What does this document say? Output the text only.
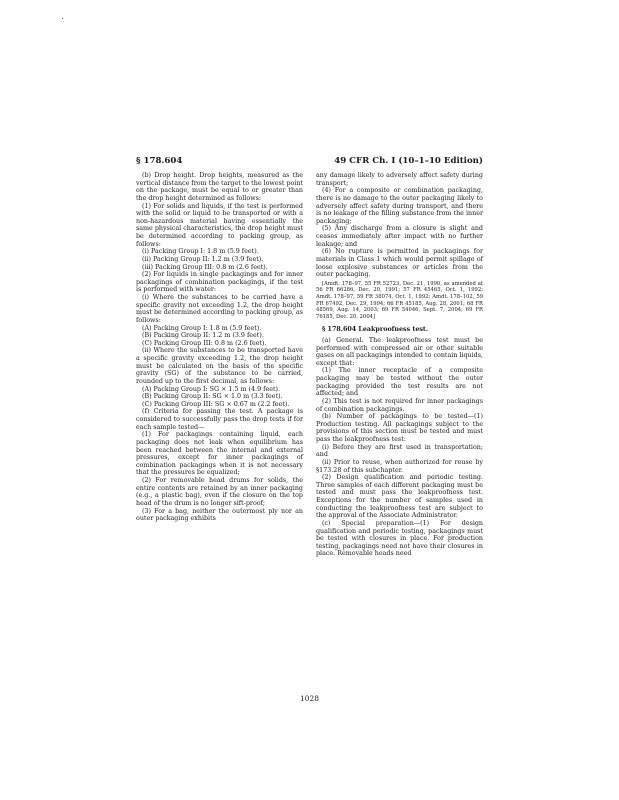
§ 178.604	49 CFR Ch. I (10–1–10 Edition)

(b) Drop height. Drop heights, measured as the vertical distance from the target to the lowest point on the package, must be equal to or greater than the drop height determined as follows:

(1) For solids and liquids, if the test is performed with the solid or liquid to be transported or with a non-hazardous material having essentially the same physical characteristics, the drop height must be determined according to packing group, as follows:

(i) Packing Group I: 1.8 m (5.9 feet).

(ii) Packing Group II: 1.2 m (3.9 feet).

(iii) Packing Group III: 0.8 m (2.6 feet).

(2) For liquids in single packagings and for inner packagings of combination packagings, if the test is performed with water:

(i) Where the substances to be carried have a specific gravity not exceeding 1.2, the drop height must be determined according to packing group, as follows:

(A) Packing Group I: 1.8 m (5.9 feet).

(B) Packing Group II: 1.2 m (3.9 feet).

(C) Packing Group III: 0.8 m (2.6 feet).

(ii) Where the substances to be transported have a specific gravity exceeding 1.2, the drop height must be calculated on the basis of the specific gravity (SG) of the substance to be carried, rounded up to the first decimal, as follows:

(A) Packing Group I: SG × 1.5 m (4.9 feet).

(B) Packing Group II: SG × 1.0 m (3.3 feet).

(C) Packing Group III: SG × 0.67 m (2.2 feet).

(f) Criteria for passing the test. A package is considered to successfully pass the drop tests if for each sample tested—

(1) For packagings containing liquid, each packaging does not leak when equilibrium has been reached between the internal and external pressures, except for inner packagings of combination packagings when it is not necessary that the pressures be equalized;

(2) For removable head drums for solids, the entire contents are retained by an inner packaging (e.g., a plastic bag), even if the closure on the top head of the drum is no longer sift-proof;

(3) For a bag, neither the outermost ply nor an outer packaging exhibits

any damage likely to adversely affect safety during transport;

(4) For a composite or combination packaging, there is no damage to the outer packaging likely to adversely affect safety during transport, and there is no leakage of the filling substance from the inner packaging;

(5) Any discharge from a closure is slight and ceases immediately after impact with no further leakage; and

(6) No rupture is permitted in packagings for materials in Class 1 which would permit spillage of loose explosive substances or articles from the outer packaging.

[Amdt. 178–97, 55 FR 52723, Dec. 21, 1990, as amended at 56 FR 66286, Dec. 20, 1991; 57 FR 45465, Oct. 1, 1992; Amdt. 178–97, 59 FR 38074, Oct. 1, 1992; Amdt. 178–102, 59 FR 67492, Dec. 29, 1994; 66 FR 45185, Aug. 28, 2001; 68 FR 48569, Aug. 14, 2003; 69 FR 54046, Sept. 7, 2004; 69 FR 76185, Dec. 20, 2004]

§ 178.604 Leakproofness test.

(a) General. The leakproofness test must be performed with compressed air or other suitable gases on all packagings intended to contain liquids, except that:

(1) The inner receptacle of a composite packaging may be tested without the outer packaging provided the test results are not affected; and

(2) This test is not required for inner packagings of combination packagings.

(b) Number of packagings to be tested—(1) Production testing. All packagings subject to the provisions of this section must be tested and must pass the leakproofness test:

(i) Before they are first used in transportation; and

(ii) Prior to reuse, when authorized for reuse by §173.28 of this subchapter.

(2) Design qualification and periodic testing. Three samples of each different packaging must be tested and must pass the leakproofness test. Exceptions for the number of samples used in conducting the leakproofness test are subject to the approval of the Associate Administrator.

(c) Special preparation—(1) For design qualification and periodic testing, packagings must be tested with closures in place. For production testing, packagings need not have their closures in place. Removable heads need

1028
